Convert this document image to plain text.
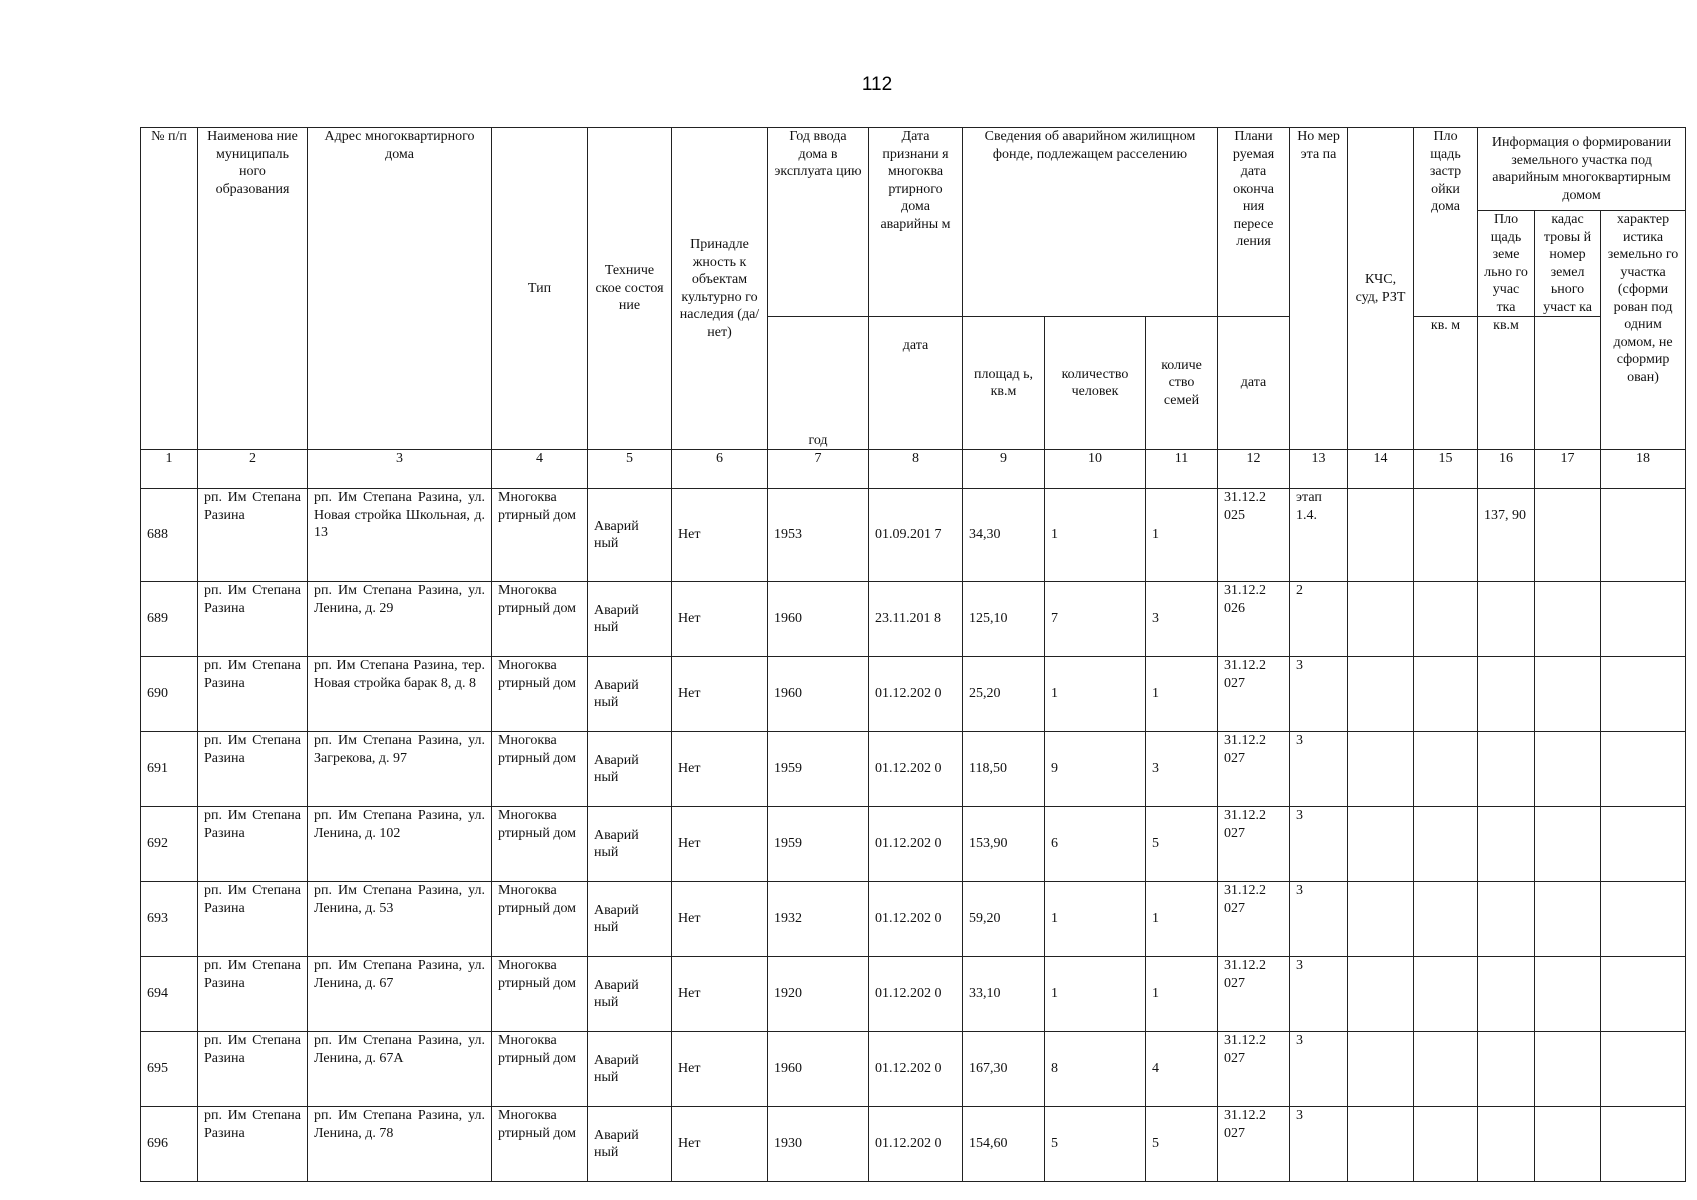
112
№ п/п	Наименова ние муниципаль ного образования	Адрес многоквартирного дома	Тип	Техниче ское состоя ние	Принадле жность к объектам культурно го наследия (да/нет)	Год ввода дома в эксплуата цию	Дата признани я многоква ртирного дома аварийны м	Сведения об аварийном жилищном фонде, подлежащем расселению			Плани руемая дата оконча ния пересе ления	Но мер эта па	КЧС, суд, РЗТ	Пло щадь застр ойки дома	Информация о формировании земельного участка под аварийным многоквартирным домом		
															Пло щадь земе льно го учас тка	кадас тровы й номер земел ьного участ ка	характер истика земельно го участка (сформи рован под одним домом, не сформир ован)
						год	дата	площад ь, кв.м	количество человек	количе ство семей	дата			кв. м	кв.м		
1	2	3	4	5	6	7	8	9	10	11	12	13	14	15	16	17	18
688	рп. Им Степана Разина	рп. Им Степана Разина, ул. Новая стройка Школьная, д. 13	Многоква ртирный дом	Аварий ный	Нет	1953	01.09.201 7	34,30	1	1	31.12.2 025	этап 1.4.			137, 90		
689	рп. Им Степана Разина	рп. Им Степана Разина, ул. Ленина, д. 29	Многоква ртирный дом	Аварий ный	Нет	1960	23.11.201 8	125,10	7	3	31.12.2 026	2					
690	рп. Им Степана Разина	рп. Им Степана Разина, тер. Новая стройка барак 8, д. 8	Многоква ртирный дом	Аварий ный	Нет	1960	01.12.202 0	25,20	1	1	31.12.2 027	3					
691	рп. Им Степана Разина	рп. Им Степана Разина, ул. Загрекова, д. 97	Многоква ртирный дом	Аварий ный	Нет	1959	01.12.202 0	118,50	9	3	31.12.2 027	3					
692	рп. Им Степана Разина	рп. Им Степана Разина, ул. Ленина, д. 102	Многоква ртирный дом	Аварий ный	Нет	1959	01.12.202 0	153,90	6	5	31.12.2 027	3					
693	рп. Им Степана Разина	рп. Им Степана Разина, ул. Ленина, д. 53	Многоква ртирный дом	Аварий ный	Нет	1932	01.12.202 0	59,20	1	1	31.12.2 027	3					
694	рп. Им Степана Разина	рп. Им Степана Разина, ул. Ленина, д. 67	Многоква ртирный дом	Аварий ный	Нет	1920	01.12.202 0	33,10	1	1	31.12.2 027	3					
695	рп. Им Степана Разина	рп. Им Степана Разина, ул. Ленина, д. 67А	Многоква ртирный дом	Аварий ный	Нет	1960	01.12.202 0	167,30	8	4	31.12.2 027	3					
696	рп. Им Степана Разина	рп. Им Степана Разина, ул. Ленина, д. 78	Многоква ртирный дом	Аварий ный	Нет	1930	01.12.202 0	154,60	5	5	31.12.2 027	3					
